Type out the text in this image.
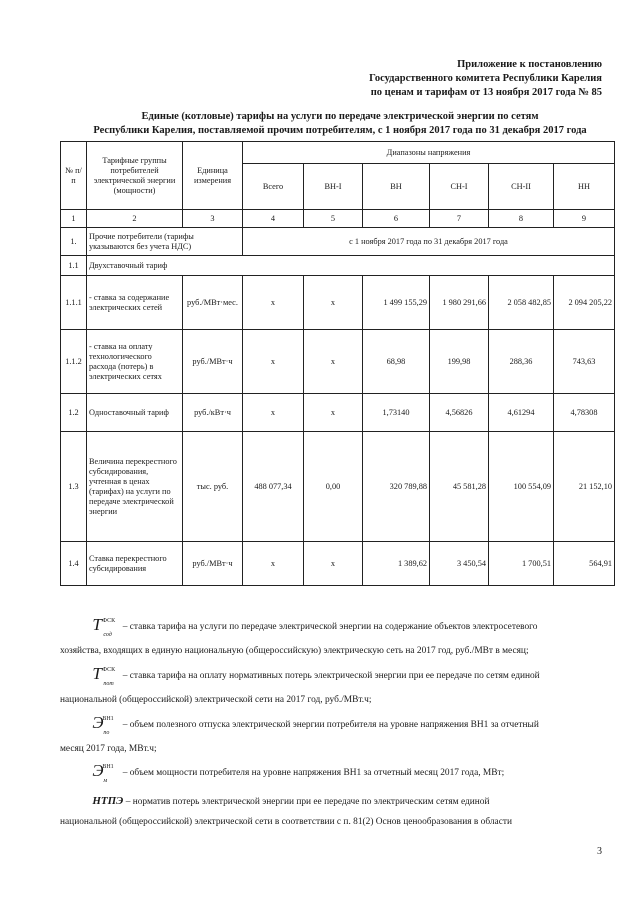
Приложение к постановлению
Государственного комитета Республики Карелия
по ценам и тарифам от 13 ноября 2017 года № 85
Единые (котловые) тарифы на услуги по передаче электрической энергии по сетям
Республики Карелия, поставляемой прочим потребителям, с 1 ноября 2017 года по 31 декабря 2017 года
№ п/п	Тарифные группы потребителей электрической энергии (мощности)	Единица измерения	Диапазоны напряжения					
			Всего	ВН-I	ВН	СН-I	СН-II	НН
1	2	3	4	5	6	7	8	9
1.	Прочие потребители (тарифы указываются без учета НДС)		с 1 ноября 2017 года по 31 декабря 2017 года					
1.1	Двухставочный тариф							
1.1.1	- ставка за содержание электрических сетей	руб./МВт·мес.	х	х	1 499 155,29	1 980 291,66	2 058 482,85	2 094 205,22
1.1.2	- ставка на оплату технологического расхода (потерь) в электрических сетях	руб./МВт·ч	х	х	68,98	199,98	288,36	743,63
1.2	Одноставочный тариф	руб./кВт·ч	х	х	1,73140	4,56826	4,61294	4,78308
1.3	Величина перекрестного субсидирования, учтенная в ценах (тарифах) на услуги по передаче электрической энергии	тыс. руб.	488 077,34	0,00	320 789,88	45 581,28	100 554,09	21 152,10
1.4	Ставка перекрестного субсидирования	руб./МВт·ч	х	х	1 389,62	3 450,54	1 700,51	564,91

T ФСК
сод
– ставка тарифа на услуги по передаче электрической энергии на содержание объектов электросетевого
хозяйства, входящих в единую национальную (общероссийскую) электрическую сеть на 2017 год, руб./МВт в месяц;

T ФСК
пот
– ставка тарифа на оплату нормативных потерь электрической энергии при ее передаче по сетям единой
национальной (общероссийской) электрической сети на 2017 год, руб./МВт.ч;

Э
ВН1
по
– объем полезного отпуска электрической энергии потребителя на уровне напряжения ВН1 за отчетный
месяц 2017 года, МВт.ч;

Э
ВН1
м
– объем мощности потребителя на уровне напряжения ВН1 за отчетный месяц 2017 года, МВт;
НТПЭ – норматив потерь электрической энергии при ее передаче по электрическим сетям единой
национальной (общероссийской) электрической сети в соответствии с п. 81(2) Основ ценообразования в области
3
